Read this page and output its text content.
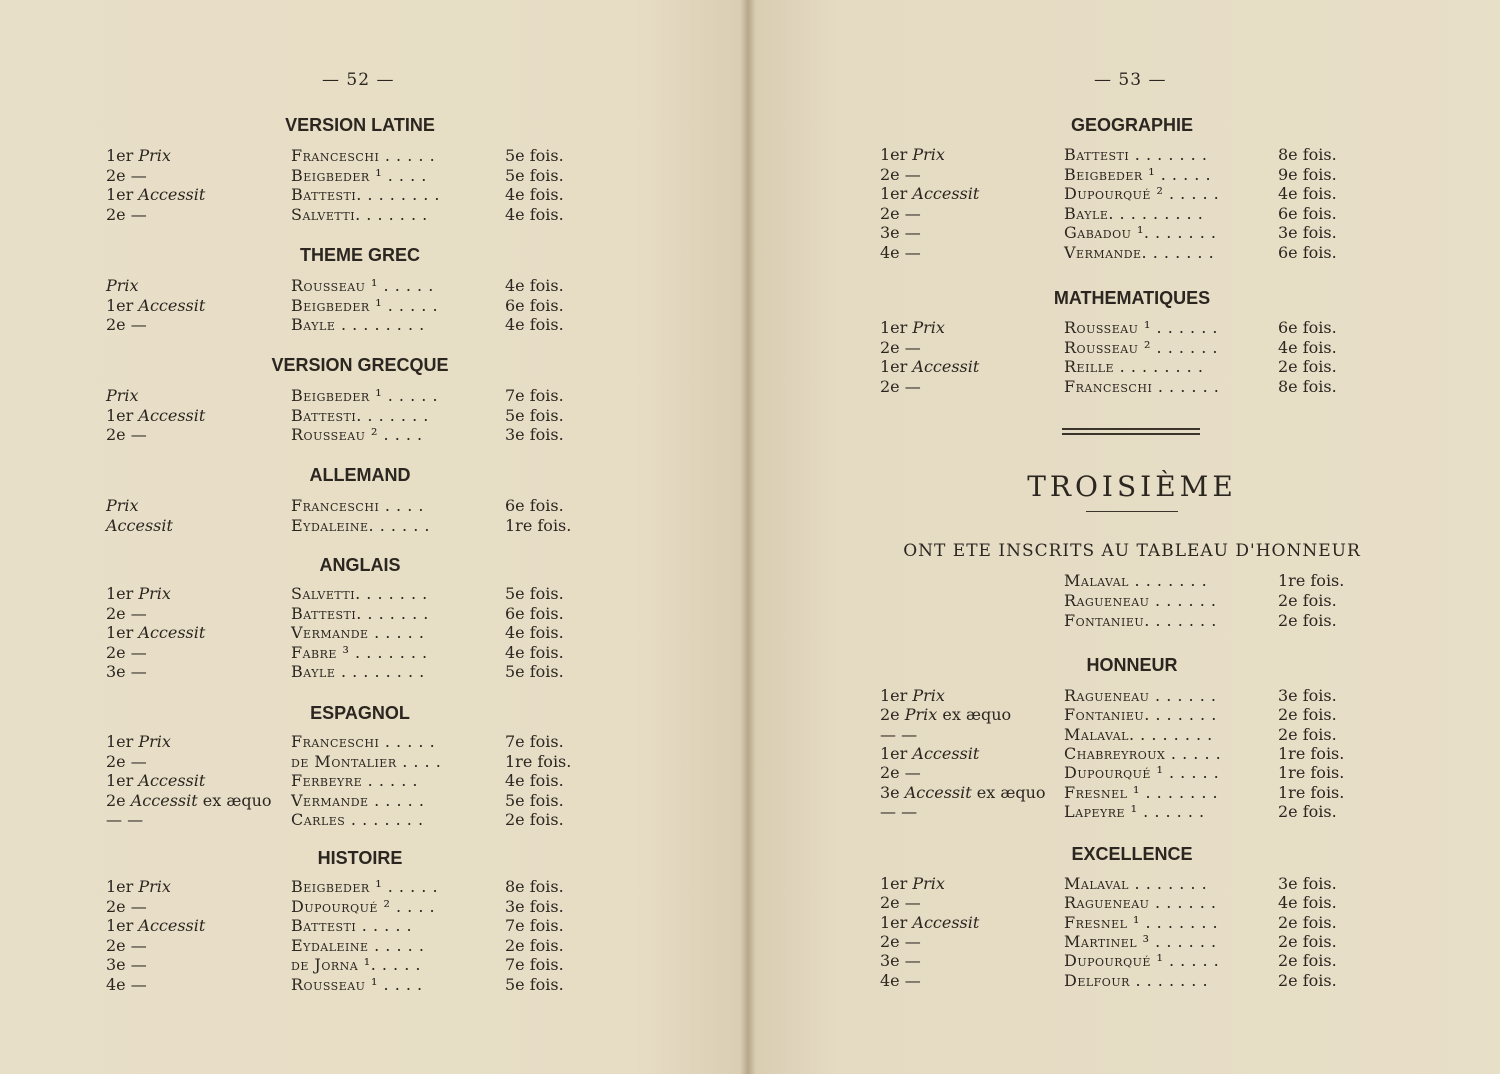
— 52 —
VERSION LATINE
1er Prix	Franceschi . . . . .	5e fois.
2e —	Beigbeder ¹ . . . .	5e fois.
1er Accessit	Battesti. . . . . . . .	4e fois.
2e —	Salvetti. . . . . . .	4e fois.
THEME GREC
Prix	Rousseau ¹ . . . . .	4e fois.
1er Accessit	Beigbeder ¹ . . . . .	6e fois.
2e —	Bayle . . . . . . . .	4e fois.
VERSION GRECQUE
Prix	Beigbeder ¹ . . . . .	7e fois.
1er Accessit	Battesti. . . . . . .	5e fois.
2e —	Rousseau ² . . . .	3e fois.
ALLEMAND
Prix	Franceschi . . . .	6e fois.
Accessit	Eydaleine. . . . . .	1re fois.
ANGLAIS
1er Prix	Salvetti. . . . . . .	5e fois.
2e —	Battesti. . . . . . .	6e fois.
1er Accessit	Vermande . . . . .	4e fois.
2e —	Fabre ³ . . . . . . .	4e fois.
3e —	Bayle . . . . . . . .	5e fois.
ESPAGNOL
1er Prix	Franceschi . . . . .	7e fois.
2e —	de Montalier . . . .	1re fois.
1er Accessit	Ferbeyre . . . . .	4e fois.
2e Accessit ex æquo Vermande . . . . .	5e fois.
— —	Carles . . . . . . .	2e fois.
HISTOIRE
1er Prix	Beigbeder ¹ . . . . .	8e fois.
2e —	Dupourqué ² . . . .	3e fois.
1er Accessit	Battesti . . . . .	7e fois.
2e —	Eydaleine . . . . .	2e fois.
3e —	de Jorna ¹. . . . .	7e fois.
4e —	Rousseau ¹ . . . .	5e fois.
— 53 —
GEOGRAPHIE
1er Prix	Battesti . . . . . . .	8e fois.
2e —	Beigbeder ¹ . . . . .	9e fois.
1er Accessit	Dupourqué ² . . . . .	4e fois.
2e —	Bayle. . . . . . . . .	6e fois.
3e —	Gabadou ¹. . . . . . .	3e fois.
4e —	Vermande. . . . . . .	6e fois.
MATHEMATIQUES
1er Prix	Rousseau ¹ . . . . . .	6e fois.
2e —	Rousseau ² . . . . . .	4e fois.
1er Accessit	Reille . . . . . . . .	2e fois.
2e —	Franceschi . . . . . .	8e fois.
TROISIÈME
ONT ETE INSCRITS AU TABLEAU D'HONNEUR
Malaval . . . . . . .	1re fois.
Ragueneau . . . . . .	2e fois.
Fontanieu. . . . . . .	2e fois.
HONNEUR
1er Prix	Ragueneau . . . . . .	3e fois.
2e Prix ex æquo	Fontanieu. . . . . . .	2e fois.
— —	Malaval. . . . . . . .	2e fois.
1er Accessit	Chabreyroux . . . . .	1re fois.
2e —	Dupourqué ¹ . . . . .	1re fois.
3e Accessit ex æquo Fresnel ¹ . . . . . . .	1re fois.
— —	Lapeyre ¹ . . . . . .	2e fois.
EXCELLENCE
1er Prix	Malaval . . . . . . .	3e fois.
2e —	Ragueneau . . . . . .	4e fois.
1er Accessit	Fresnel ¹ . . . . . . .	2e fois.
2e —	Martinel ³ . . . . . .	2e fois.
3e —	Dupourqué ¹ . . . . .	2e fois.
4e —	Delfour . . . . . . .	2e fois.
